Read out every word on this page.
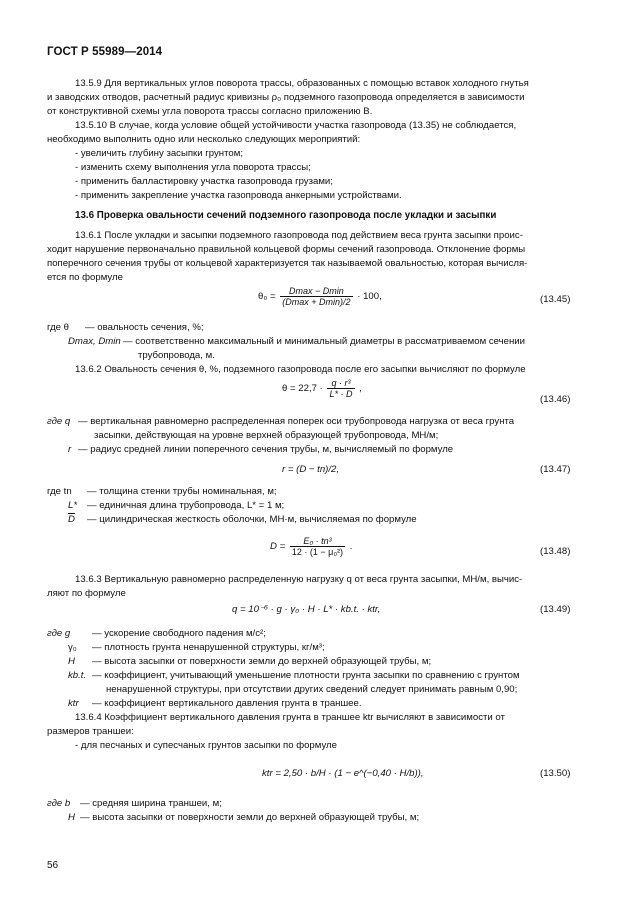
ГОСТ Р 55989—2014
13.5.9 Для вертикальных углов поворота трассы, образованных с помощью вставок холодного гнутья
и заводских отводов, расчетный радиус кривизны ρ₀ подземного газопровода определяется в зависимости
от конструктивной схемы угла поворота трассы согласно приложению В.
13.5.10 В случае, когда условие общей устойчивости участка газопровода (13.35) не соблюдается,
необходимо выполнить одно или несколько следующих мероприятий:
- увеличить глубину засыпки грунтом;
- изменить схему выполнения угла поворота трассы;
- применить балластировку участка газопровода грузами;
- применить закрепление участка газопровода анкерными устройствами.
13.6 Проверка овальности сечений подземного газопровода после укладки и засыпки
13.6.1 После укладки и засыпки подземного газопровода под действием веса грунта засыпки проис-
ходит нарушение первоначально правильной кольцевой формы сечений газопровода. Отклонение формы
поперечного сечения трубы от кольцевой характеризуется так называемой овальностью, которая вычисля-
ется по формуле
$\theta_0 = \frac{Dmax - Dmin}{(Dmax + Dmin)/2} \cdot 100$,	(13.45)
где θ — овальность сечения, %;
Dmax, Dmin — соответственно максимальный и минимальный диаметры в рассматриваемом сечении
трубопровода, м.
13.6.2 Овальность сечения θ, %, подземного газопровода после его засыпки вычисляют по формуле
$\theta = 22,7 \cdot \frac{\text{q · r³}}{L* \cdot D}$ ,
(13.46)
где q — вертикальная равномерно распределенная поперек оси трубопровода нагрузка от веса грунта
засыпки, действующая на уровне верхней образующей трубопровода, МН/м;
r — радиус средней линии поперечного сечения трубы, м, вычисляемый по формуле
r = (D − tn)/2,	(13.47)
где tn — толщина стенки трубы номинальная, м;
L* — единичная длина трубопровода, L* = 1 м;
$\overline{D}$ — цилиндрическая жесткость оболочки, МН·м, вычисляемая по формуле
$D = \frac{\text{E₀ · tn³}}{\text{12 · (1 − μ₀²)}}$ .	(13.48)
13.6.3 Вертикальную равномерно распределенную нагрузку q от веса грунта засыпки, МН/м, вычис-
ляют по формуле
q = 10⁻⁶ · g · γ₀ · H · L* · kb.t. · ktr,	(13.49)
где g — ускорение свободного падения м/с²;
γ₀ — плотность грунта ненарушенной структуры, кг/м³;
H — высота засыпки от поверхности земли до верхней образующей трубы, м;
kb.t. — коэффициент, учитывающий уменьшение плотности грунта засыпки по сравнению с грунтом
ненарушенной структуры, при отсутствии других сведений следует принимать равным 0,90;
ktr — коэффициент вертикального давления грунта в траншее.
13.6.4 Коэффициент вертикального давления грунта в траншее ktr вычисляют в зависимости от
размеров траншеи:
- для песчаных и супесчаных грунтов засыпки по формуле
ktr = 2,50 · b/H · (1 − e^(−0,40 · H/b)),	(13.50)
где b — средняя ширина траншеи, м;
H — высота засыпки от поверхности земли до верхней образующей трубы, м;
56
